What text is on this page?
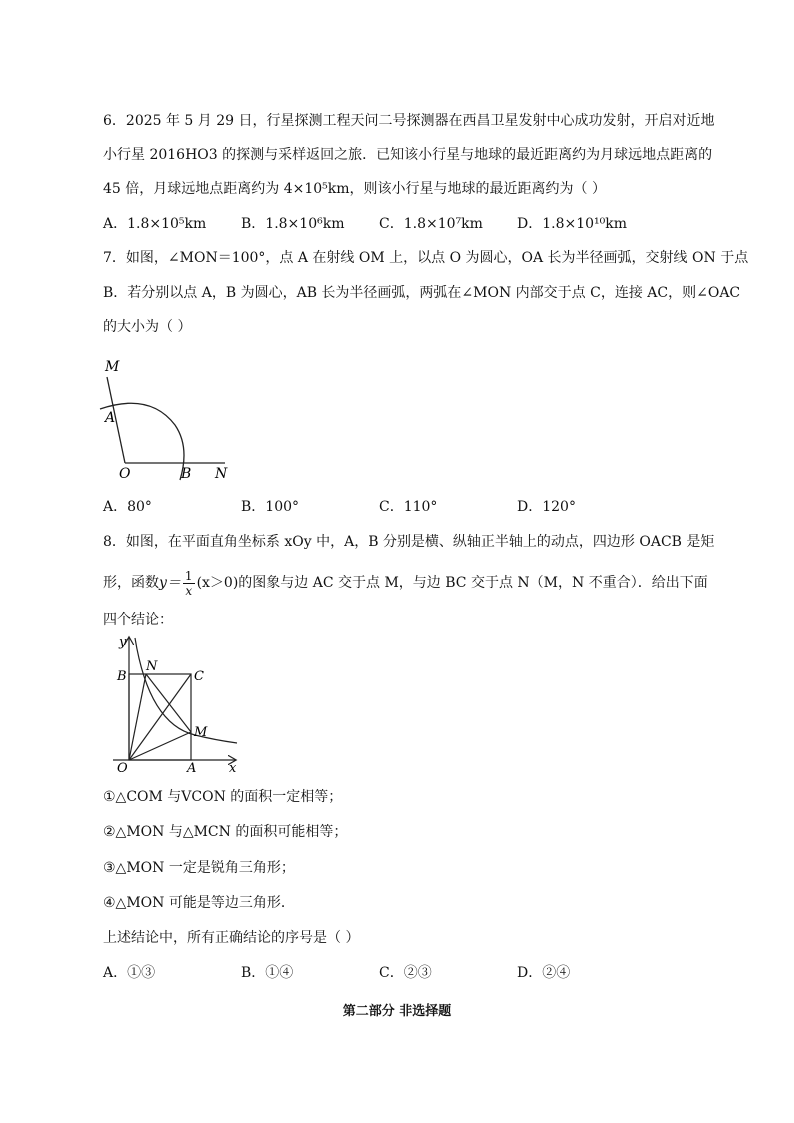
6．2025 年 5 月 29 日，行星探测工程天问二号探测器在西昌卫星发射中心成功发射，开启对近地
小行星 2016HO3 的探测与采样返回之旅．已知该小行星与地球的最近距离约为月球远地点距离的
45 倍，月球远地点距离约为 4×10⁵km，则该小行星与地球的最近距离约为（ ）
A．1.8×10⁵km B．1.8×10⁶km C．1.8×10⁷km D．1.8×10¹⁰km
7．如图，∠MON＝100°，点 A 在射线 OM 上，以点 O 为圆心，OA 长为半径画弧，交射线 ON 于点
B．若分别以点 A，B 为圆心，AB 长为半径画弧，两弧在∠MON 内部交于点 C，连接 AC，则∠OAC
的大小为（ ）
M
A
O	B N
A．80°	B．100°	C．110°	D．120°
8．如图，在平面直角坐标系 xOy 中，A，B 分别是横、纵轴正半轴上的动点，四边形 OACB 是矩
形，函数$y= \frac{1}{x} (x>0)$的图象与边 AC 交于点 M，与边 BC 交于点 N（M，N 不重合）．给出下面
四个结论：
y
x
B
N
C
M
O	A
①△COM 与VCON 的面积一定相等；
②△MON 与△MCN 的面积可能相等；
③△MON 一定是锐角三角形；
④△MON 可能是等边三角形．
上述结论中，所有正确结论的序号是（ ）
A．①③	B．①④	C．②③	D．②④
第二部分 非选择题
